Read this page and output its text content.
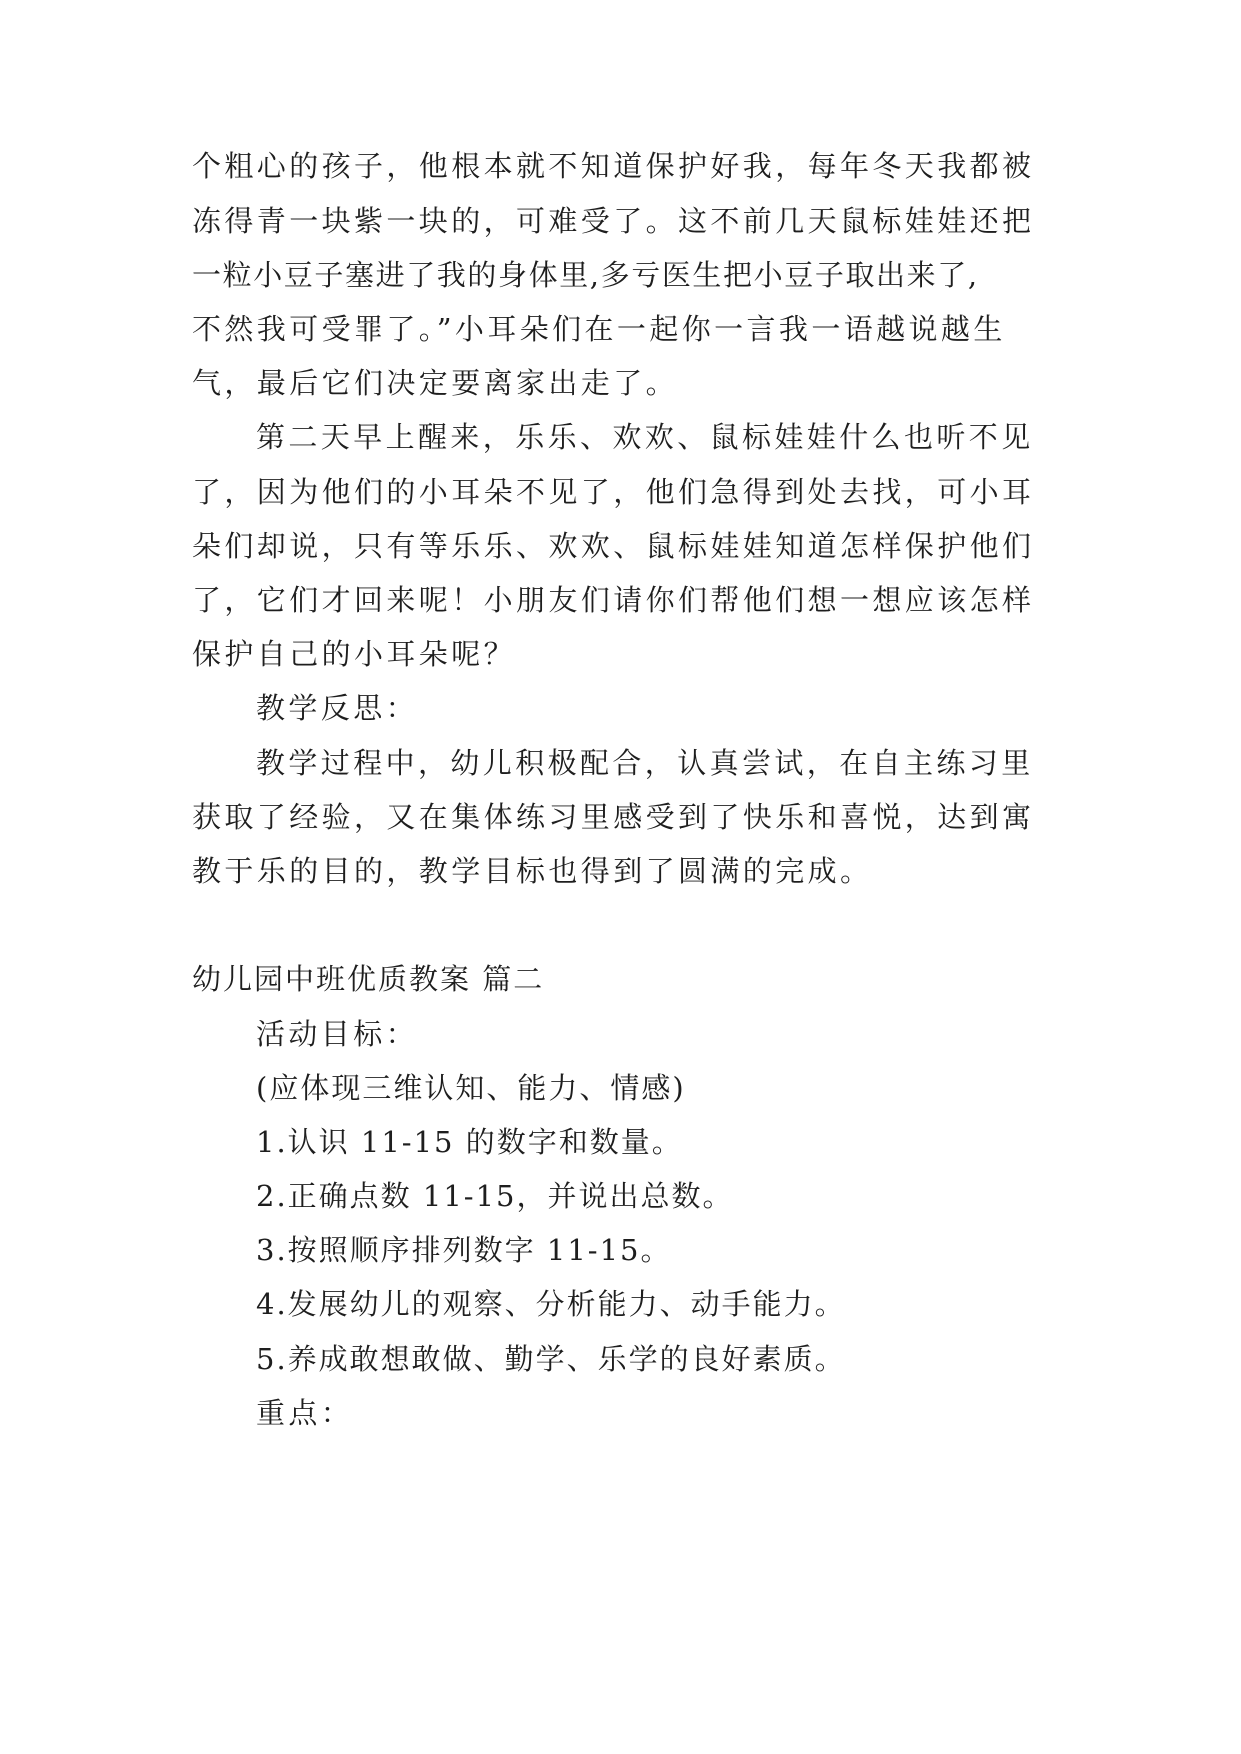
个粗心的孩子，他根本就不知道保护好我，每年冬天我都被
冻得青一块紫一块的，可难受了。这不前几天鼠标娃娃还把
一粒小豆子塞进了我的身体里,多亏医生把小豆子取出来了,
不然我可受罪了。”小耳朵们在一起你一言我一语越说越生
气，最后它们决定要离家出走了。
第二天早上醒来，乐乐、欢欢、鼠标娃娃什么也听不见
了，因为他们的小耳朵不见了，他们急得到处去找，可小耳
朵们却说，只有等乐乐、欢欢、鼠标娃娃知道怎样保护他们
了，它们才回来呢！小朋友们请你们帮他们想一想应该怎样
保护自己的小耳朵呢？
教学反思：
教学过程中，幼儿积极配合，认真尝试，在自主练习里
获取了经验，又在集体练习里感受到了快乐和喜悦，达到寓
教于乐的目的，教学目标也得到了圆满的完成。
幼儿园中班优质教案 篇二
活动目标：
(应体现三维认知、能力、情感)
1.认识 11-15 的数字和数量。
2.正确点数 11-15，并说出总数。
3.按照顺序排列数字 11-15。
4.发展幼儿的观察、分析能力、动手能力。
5.养成敢想敢做、勤学、乐学的良好素质。
重点：
